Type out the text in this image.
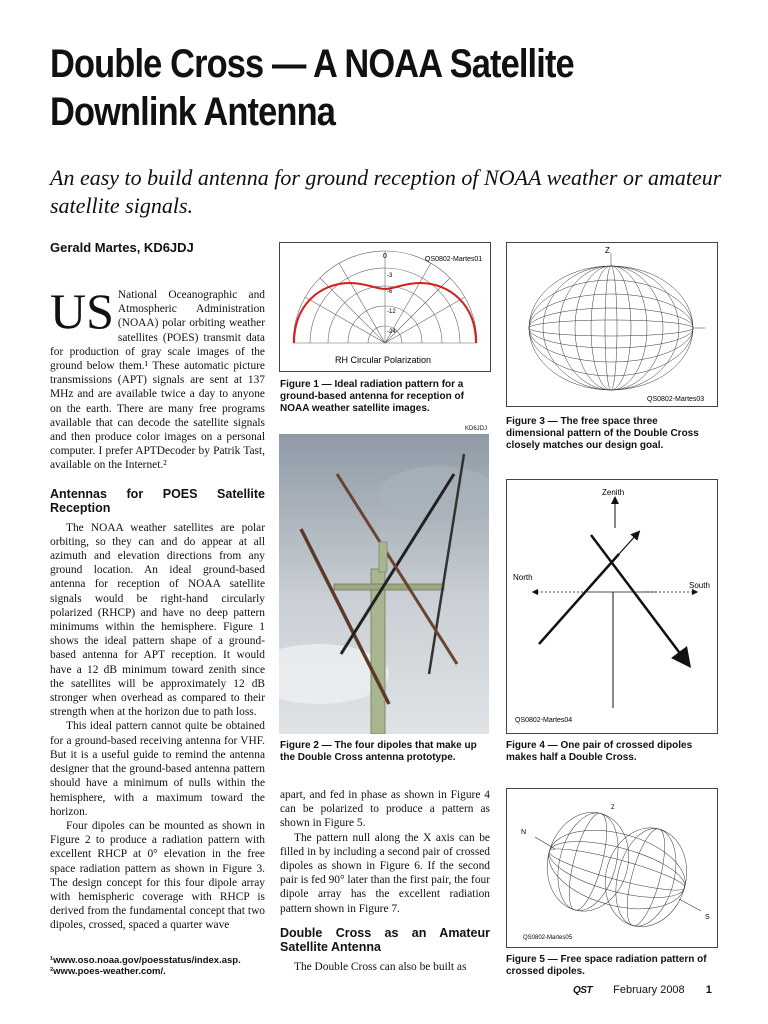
Double Cross — A NOAA Satellite
Downlink Antenna
An easy to build antenna for ground reception of NOAA weather or amateur satellite signals.
Gerald Martes, KD6JDJ

US National Oceanographic and Atmospheric Administration (NOAA) polar orbiting weather satellites (POES) transmit data for production of gray scale images of the ground below them.¹ These automatic picture transmissions (APT) signals are sent at 137 MHz and are available twice a day to anyone on the earth. There are many free programs available that can decode the satellite signals and then produce color images on a personal computer. I prefer APTDecoder by Patrik Tast, available on the Internet.²

Antennas for POES Satellite Reception

The NOAA weather satellites are polar orbiting, so they can and do appear at all azimuth and elevation directions from any ground location. An ideal ground-based antenna for reception of NOAA satellite signals would be right-hand circularly polarized (RHCP) and have no deep pattern minimums within the hemisphere. Figure 1 shows the ideal pattern shape of a ground-based antenna for APT reception. It would have a 12 dB minimum toward zenith since the satellites will be approximately 12 dB stronger when overhead as compared to their strength when at the horizon due to path loss.

This ideal pattern cannot quite be obtained for a ground-based receiving antenna for VHF. But it is a useful guide to remind the antenna designer that the ground-based antenna pattern should have a minimum of nulls within the hemisphere, with a maximum toward the horizon.

Four dipoles can be mounted as shown in Figure 2 to produce a radiation pattern with excellent RHCP at 0° elevation in the free space radiation pattern as shown in Figure 3. The design concept for this four dipole array with hemispheric coverage with RHCP is derived from the fundamental concept that two dipoles, crossed, spaced a quarter wave

¹www.oso.noaa.gov/poesstatus/index.asp.
²www.poes-weather.com/.
0
-3
-6
-12
-24
QS0802-Martes01
RH Circular Polarization
Figure 1 — Ideal radiation pattern for a ground-based antenna for reception of NOAA weather satellite images.
KD6JDJ
Figure 2 — The four dipoles that make up the Double Cross antenna prototype.

apart, and fed in phase as shown in Figure 4 can be polarized to produce a pattern as shown in Figure 5.

The pattern null along the X axis can be filled in by including a second pair of crossed dipoles as shown in Figure 6. If the second pair is fed 90° later than the first pair, the four dipole array has the excellent radiation pattern shown in Figure 7.

Double Cross as an Amateur Satellite Antenna

The Double Cross can also be built as

Z
QS0802-Martes03
Figure 3 — The free space three dimensional pattern of the Double Cross closely matches our design goal.
Zenith
North
South
QS0802-Martes04
Figure 4 — One pair of crossed dipoles makes half a Double Cross.
N
S
Z
QS0802-Martes05
Figure 5 — Free space radiation pattern of crossed dipoles.
QST February 2008 1
